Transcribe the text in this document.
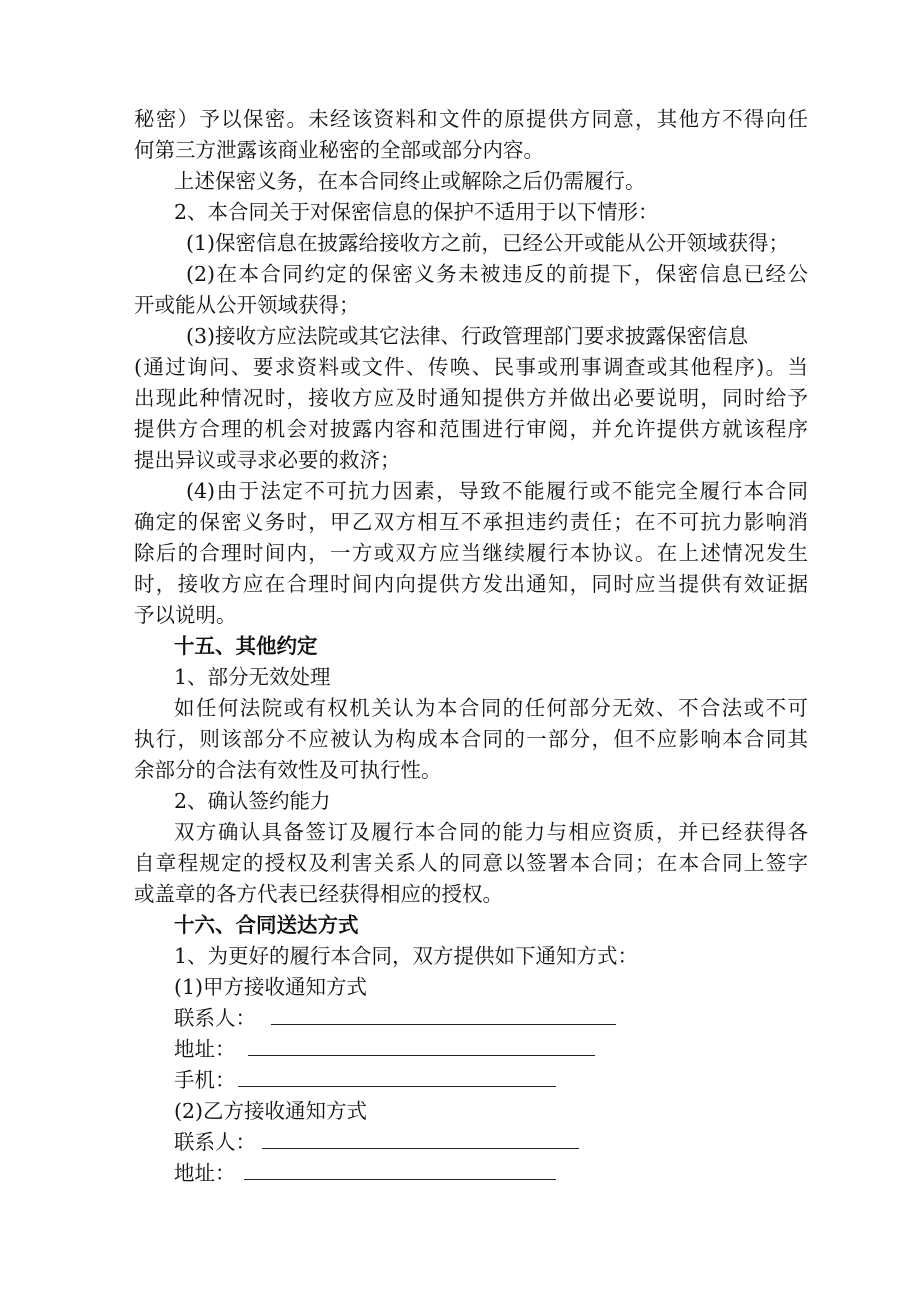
秘密）予以保密。未经该资料和文件的原提供方同意，其他方不得向任
何第三方泄露该商业秘密的全部或部分内容。
上述保密义务，在本合同终止或解除之后仍需履行。
2、本合同关于对保密信息的保护不适用于以下情形：
(1)保密信息在披露给接收方之前，已经公开或能从公开领域获得；
(2)在本合同约定的保密义务未被违反的前提下，保密信息已经公
开或能从公开领域获得；
(3)接收方应法院或其它法律、行政管理部门要求披露保密信息
(通过询问、要求资料或文件、传唤、民事或刑事调查或其他程序)。当
出现此种情况时，接收方应及时通知提供方并做出必要说明，同时给予
提供方合理的机会对披露内容和范围进行审阅，并允许提供方就该程序
提出异议或寻求必要的救济；
(4)由于法定不可抗力因素，导致不能履行或不能完全履行本合同
确定的保密义务时，甲乙双方相互不承担违约责任；在不可抗力影响消
除后的合理时间内，一方或双方应当继续履行本协议。在上述情况发生
时，接收方应在合理时间内向提供方发出通知，同时应当提供有效证据
予以说明。
十五、其他约定
1、部分无效处理
如任何法院或有权机关认为本合同的任何部分无效、不合法或不可
执行，则该部分不应被认为构成本合同的一部分，但不应影响本合同其
余部分的合法有效性及可执行性。
2、确认签约能力
双方确认具备签订及履行本合同的能力与相应资质，并已经获得各
自章程规定的授权及利害关系人的同意以签署本合同；在本合同上签字
或盖章的各方代表已经获得相应的授权。
十六、合同送达方式
1、为更好的履行本合同，双方提供如下通知方式：
(1)甲方接收通知方式
联系人：
地址：
手机：
(2)乙方接收通知方式
联系人：
地址：
